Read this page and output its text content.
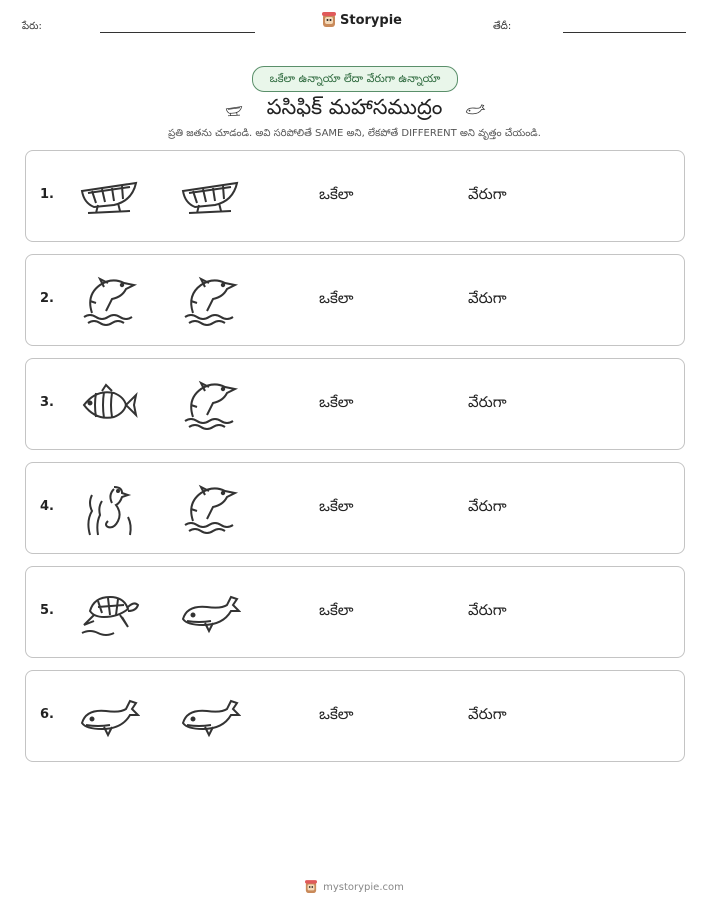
పేరు:	Storypie	తేదీ:
ఒకేలా ఉన్నాయా లేదా వేరుగా ఉన్నాయా
పసిఫిక్ మహాసముద్రం
ప్రతి జతను చూడండి. అవి సరిపోలితే SAME అని, లేకపోతే DIFFERENT అని వృత్తం చేయండి.
1.	ఒకేలా	వేరుగా
2.	ఒకేలా	వేరుగా
3.	ఒకేలా	వేరుగా
4.	ఒకేలా	వేరుగా
5.	ఒకేలా	వేరుగా
6.	ఒకేలా	వేరుగా
mystorypie.com
